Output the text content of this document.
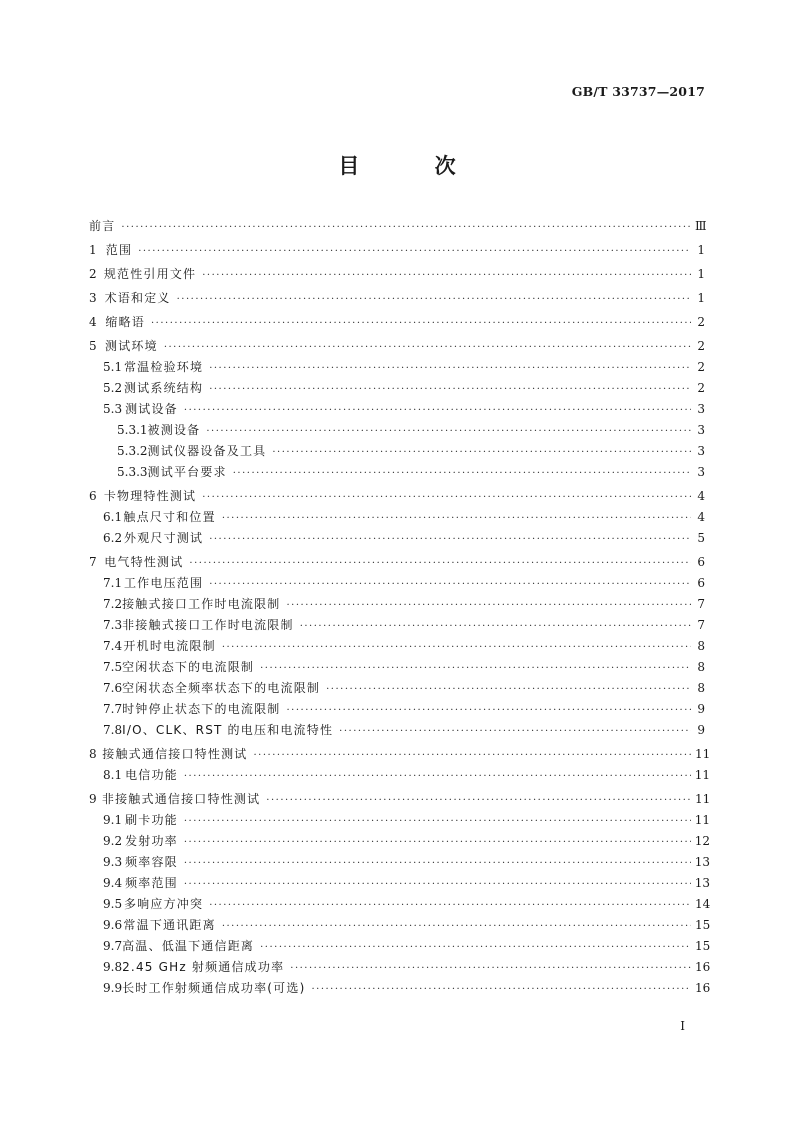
GB/T 33737—2017
目 次
前言 ·····	Ⅲ
1 范围 ·····	1
2 规范性引用文件 ·····	1
3 术语和定义 ·····	1
4 缩略语 ·····	2
5 测试环境 ·····	2
5.1 常温检验环境 ·····	2
5.2 测试系统结构 ·····	2
5.3 测试设备 ·····	3
5.3.1 被测设备 ·····	3
5.3.2 测试仪器设备及工具 ·····	3
5.3.3 测试平台要求 ·····	3
6 卡物理特性测试 ·····	4
6.1 触点尺寸和位置 ·····	4
6.2 外观尺寸测试 ·····	5
7 电气特性测试 ·····	6
7.1 工作电压范围 ·····	6
7.2 接触式接口工作时电流限制 ·····	7
7.3 非接触式接口工作时电流限制 ·····	7
7.4 开机时电流限制 ·····	8
7.5 空闲状态下的电流限制 ·····	8
7.6 空闲状态全频率状态下的电流限制 ·····	8
7.7 时钟停止状态下的电流限制 ·····	9
7.8 I/O、CLK、RST 的电压和电流特性 ·····	9
8 接触式通信接口特性测试 ·····	11
8.1 电信功能 ·····	11
9 非接触式通信接口特性测试 ·····	11
9.1 刷卡功能 ·····	11
9.2 发射功率 ·····	12
9.3 频率容限 ·····	13
9.4 频率范围 ·····	13
9.5 多响应方冲突 ·····	14
9.6 常温下通讯距离 ·····	15
9.7 高温、低温下通信距离 ·····	15
9.8 2.45 GHz 射频通信成功率 ·····	16
9.9 长时工作射频通信成功率(可选) ·····	16
I
